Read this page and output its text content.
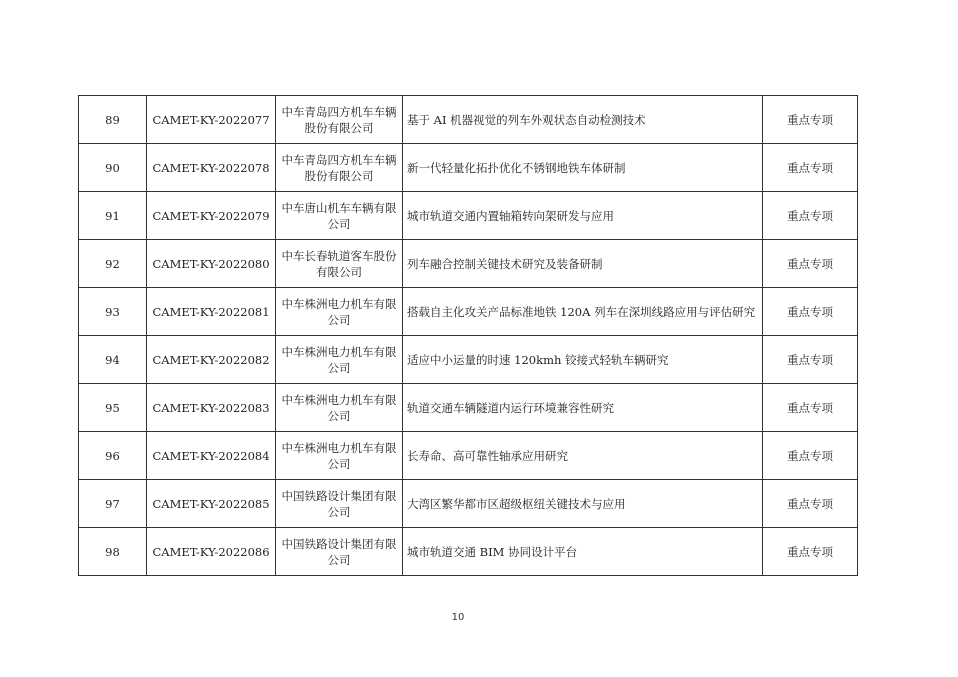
89	CAMET-KY-2022077	中车青岛四方机车车辆股份有限公司	基于 AI 机器视觉的列车外观状态自动检测技术	重点专项
90	CAMET-KY-2022078	中车青岛四方机车车辆股份有限公司	新一代轻量化拓扑优化不锈钢地铁车体研制	重点专项
91	CAMET-KY-2022079	中车唐山机车车辆有限公司	城市轨道交通内置轴箱转向架研发与应用	重点专项
92	CAMET-KY-2022080	中车长春轨道客车股份有限公司	列车融合控制关键技术研究及装备研制	重点专项
93	CAMET-KY-2022081	中车株洲电力机车有限公司	搭载自主化攻关产品标准地铁 120A 列车在深圳线路应用与评估研究	重点专项
94	CAMET-KY-2022082	中车株洲电力机车有限公司	适应中小运量的时速 120kmh 铰接式轻轨车辆研究	重点专项
95	CAMET-KY-2022083	中车株洲电力机车有限公司	轨道交通车辆隧道内运行环境兼容性研究	重点专项
96	CAMET-KY-2022084	中车株洲电力机车有限公司	长寿命、高可靠性轴承应用研究	重点专项
97	CAMET-KY-2022085	中国铁路设计集团有限公司	大湾区繁华都市区超级枢纽关键技术与应用	重点专项
98	CAMET-KY-2022086	中国铁路设计集团有限公司	城市轨道交通 BIM 协同设计平台	重点专项
10
